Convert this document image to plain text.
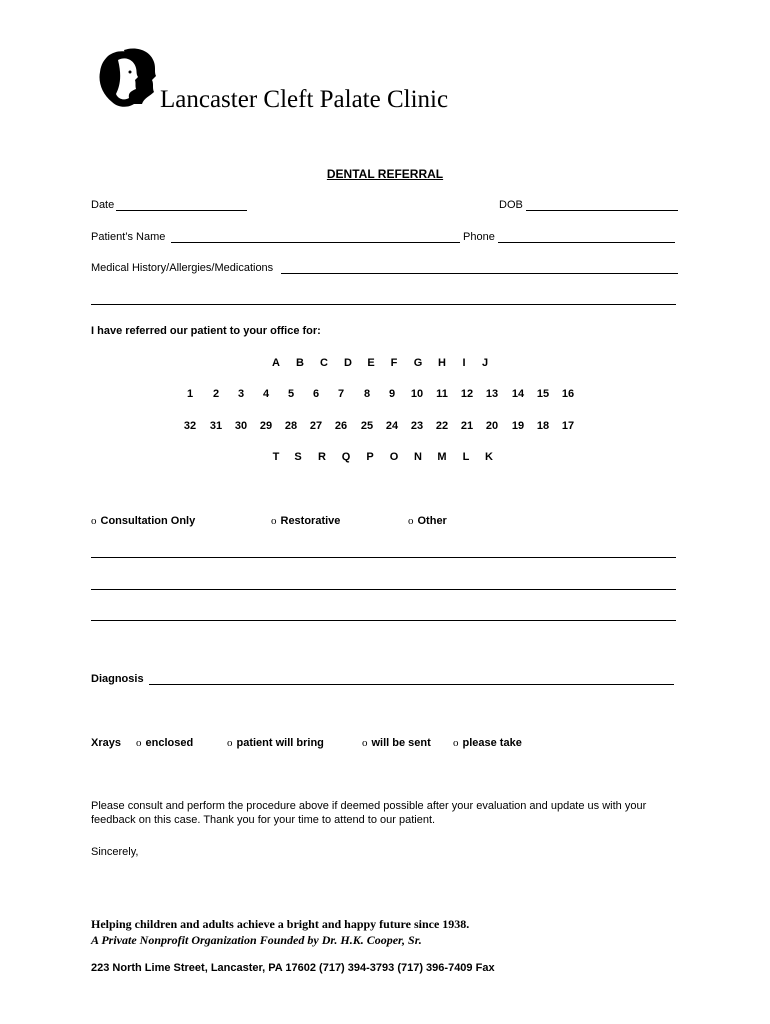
Lancaster Cleft Palate Clinic
DENTAL REFERRAL
Date	DOB
Patient’s Name	Phone
Medical History/Allergies/Medications
I have referred our patient to your office for:
A B C D E F G H I J
1 2 3 4 5 6 7 8 9 10 11 12 13 14 15 16
32 31 30 29 28 27 26 25 24 23 22 21 20 19 18 17
T S R Q P O N M L K
o Consultation Only	o Restorative	o Other
Diagnosis
Xrays o enclosed	o patient will bring	o will be sent o please take
Please consult and perform the procedure above if deemed possible after your evaluation and update us with your
feedback on this case. Thank you for your time to attend to our patient.
Sincerely,
Helping children and adults achieve a bright and happy future since 1938.
A Private Nonprofit Organization Founded by Dr. H.K. Cooper, Sr.
223 North Lime Street, Lancaster, PA 17602 (717) 394-3793 (717) 396-7409 Fax
